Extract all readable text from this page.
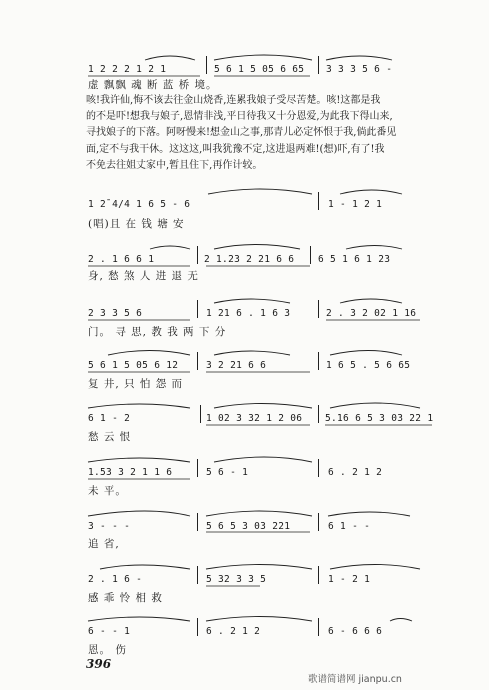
1 2 2 2 1 2 1	5 6 1 5 05 6 65 3 3 3 5 6 -
虚 飘飘 魂 断 蓝 桥 境。
咳!我许仙,悔不该去往金山烧香,连累我娘子受尽苦楚。咳!这都是我
的不是吓!想我与娘子,恩情非浅,平日待我又十分恩爱,为此我下得山来,
寻找娘子的下落。阿呀慢来!想金山之事,那青儿必定怀恨于我,倘此番见
面,定不与我干休。这这这,叫我犹豫不定,这进退两难!(想)吓,有了!我
不免去往姐丈家中,暂且住下,再作计较。
1 2̄ 4/4 1 6 5 - 6	1 - 1 2 1
(唱)且 在 钱 塘 安
2 . 1 6 6 1	2 1.23 2 21 6 6 6 5 1 6 1 23
身, 愁 煞 人 进 退 无
2 3 3 5 6	1 21 6 . 1 6 3	2 . 3 2 02 1 16
门。 寻 思, 教 我 两 下 分
5 6 1 5 05 6 12	3 2 21 6 6	1 6 5 . 5 6 65
复 井, 只 怕 怨 而
6 1 - 2	1 02 3 32 1 2 06 5.16 6 5 3 03 22 1
愁 云 恨
1.53 3 2 1 1 6	5 6 - 1	6 . 2 1 2
未 平。
3 - - -	5 6 5 3 03 221	6 1 - -
追 省,
2 . 1 6 -	5 32 3 3 5	1 - 2 1
感 乖 怜 相 救
6 - - 1	6 . 2 1 2	6 - 6 6 6
恩。 伤
396
歌谱简谱网 jianpu.cn
